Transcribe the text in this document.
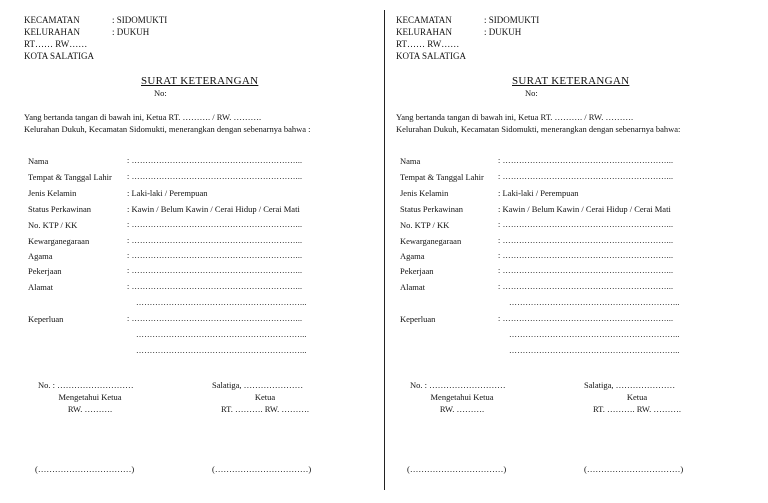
KECAMATAN	: SIDOMUKTI
KELURAHAN	: DUKUH
RT…… RW……
KOTA SALATIGA
SURAT KETERANGAN
No:
Yang bertanda tangan di bawah ini, Ketua RT. ………. / RW. ……….
Kelurahan Dukuh, Kecamatan Sidomukti, menerangkan dengan sebenarnya bahwa :
Nama	: ……………………………………………………...
Tempat & Tanggal Lahir : ……………………………………………………...
Jenis Kelamin	: Laki-laki / Perempuan
Status Perkawinan	: Kawin / Belum Kawin / Cerai Hidup / Cerai Mati
No. KTP / KK	: ……………………………………………………...
Kewarganegaraan	: ……………………………………………………...
Agama	: ……………………………………………………...
Pekerjaan	: ……………………………………………………...
Alamat	: ……………………………………………………...
……………………………………………………...
Keperluan	: ……………………………………………………...
……………………………………………………...
……………………………………………………...
No. : ………………………
Mengetahui Ketua
RW. ……….
(……………………………)
Salatiga, …………………
Ketua
RT. ………. RW. ……….
(……………………………)
KECAMATAN	: SIDOMUKTI
KELURAHAN	: DUKUH
RT…… RW……
KOTA SALATIGA
SURAT KETERANGAN
No:
Yang bertanda tangan di bawah ini, Ketua RT. ………. / RW. ……….
Kelurahan Dukuh, Kecamatan Sidomukti, menerangkan dengan sebenarnya bahwa:
Nama	: ……………………………………………………...
Tempat & Tanggal Lahir : ……………………………………………………...
Jenis Kelamin	: Laki-laki / Perempuan
Status Perkawinan	: Kawin / Belum Kawin / Cerai Hidup / Cerai Mati
No. KTP / KK	: ……………………………………………………...
Kewarganegaraan	: ……………………………………………………...
Agama	: ……………………………………………………...
Pekerjaan	: ……………………………………………………...
Alamat	: ……………………………………………………...
……………………………………………………...
Keperluan	: ……………………………………………………...
……………………………………………………...
……………………………………………………...
No. : ………………………
Mengetahui Ketua
RW. ……….
(……………………………)
Salatiga, …………………
Ketua
RT. ………. RW. ……….
(……………………………)
